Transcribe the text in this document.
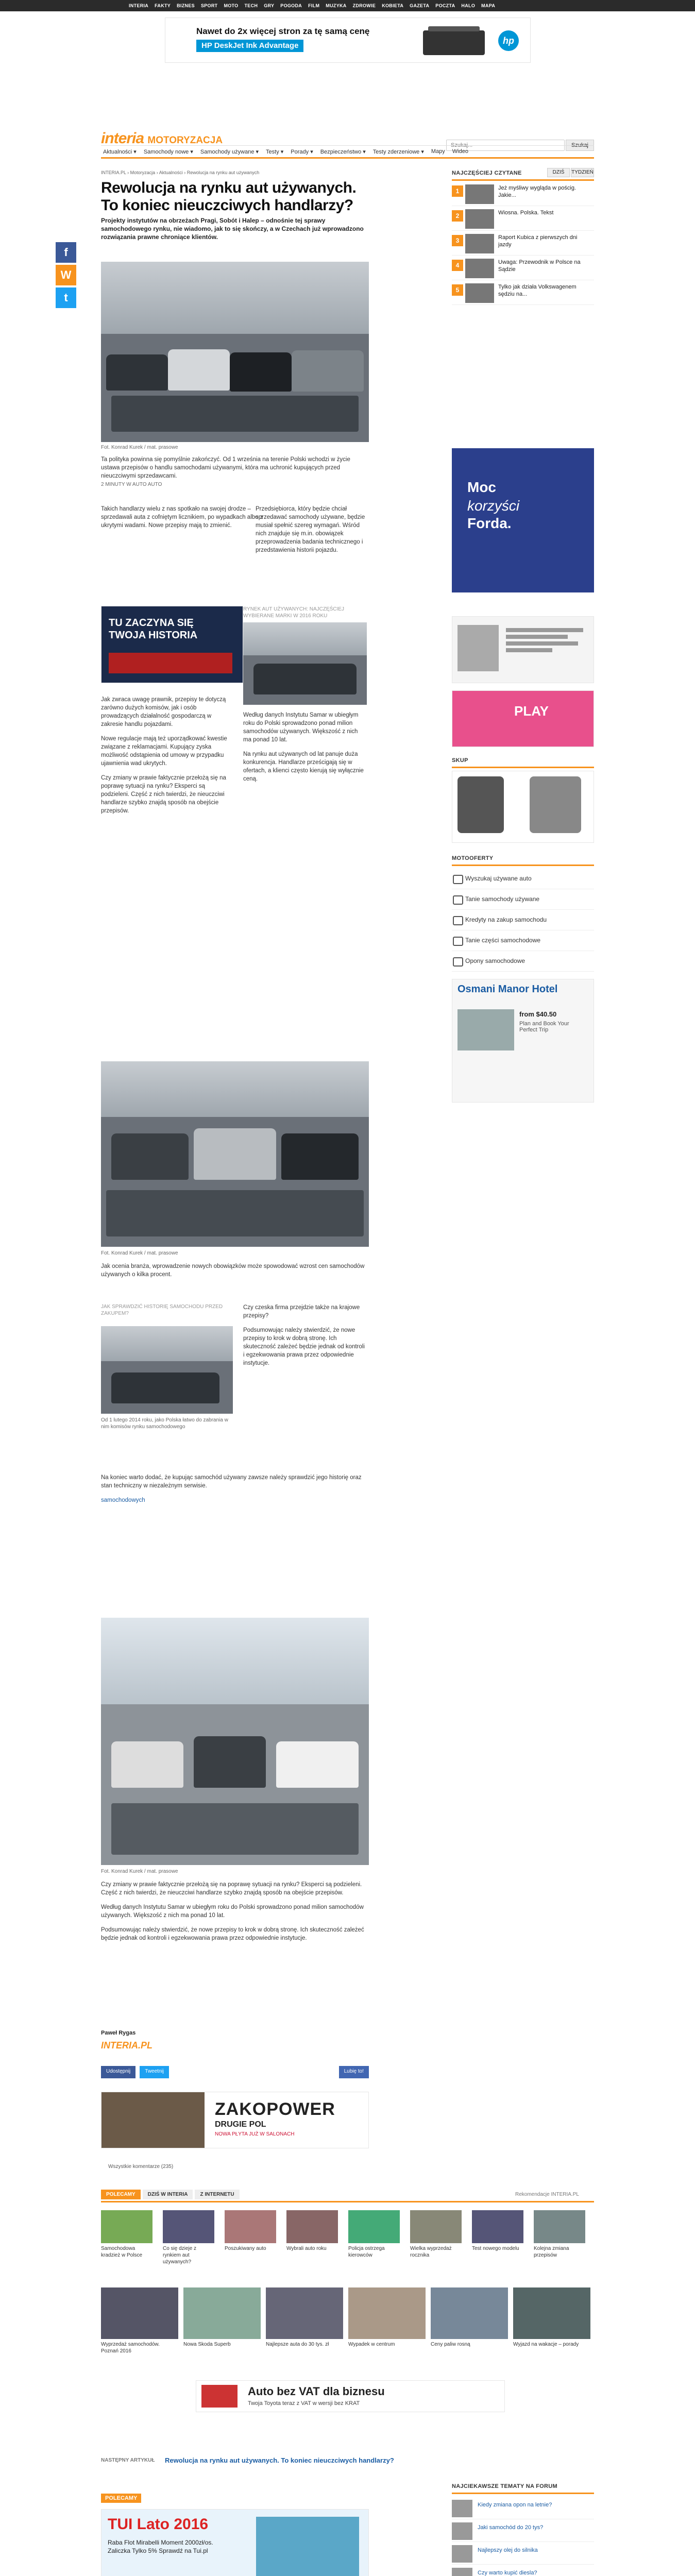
INTERIA FAKTY BIZNES SPORT MOTO TECH GRY POGODA FILM MUZYKA ZDROWIE KOBIETA GAZETA POCZTA HALO MAPA
Nawet do 2x więcej stron za tę samą cenę
HP DeskJet Ink Advantage	hp
interia MOTORYZACJA
Szukaj...	Szukaj
Aktualności ▾ Samochody nowe ▾ Samochody używane ▾ Testy ▾ Porady ▾ Bezpieczeństwo ▾ Testy zderzeniowe ▾ Mapy Wideo
INTERIA.PL › Motoryzacja › Aktualności › Rewolucja na rynku aut używanych
f
W
t
Rewolucja na rynku aut używanych. To koniec nieuczciwych handlarzy?
Projekty instytutów na obrzeżach Pragi, Sobót i Halep – odnośnie tej sprawy samochodowego rynku, nie wiadomo, jak to się skończy, a w Czechach już wprowadzono rozwiązania prawne chroniące klientów.
Fot. Konrad Kurek / mat. prasowe

Ta polityka powinna się pomyślnie zakończyć. Od 1 września na terenie Polski wchodzi w życie ustawa przepisów o handlu samochodami używanymi, która ma uchronić kupujących przed nieuczciwymi sprzedawcami.

2 MINUTY W AUTO AUTO
NAJCZĘŚCIEJ CZYTANE	DZIŚ	TYDZIEŃ
1	Jeż myśliwy wygląda w pościg. Jakie...
2	Wiosna. Polska. Tekst
3	Raport Kubica z pierwszych dni jazdy
4	Uwaga: Przewodnik w Polsce na Sądzie
5	Tylko jak działa Volkswagenem sędziu na...
Moc
korzyści
Forda.
PLAY
SKUP
MOTOOFERTY
Wyszukaj używane auto
Tanie samochody używane
Kredyty na zakup samochodu
Tanie części samochodowe
Opony samochodowe
Osmani Manor Hotel
from $40.50
Plan and Book Your Perfect Trip
TU ZACZYNA SIĘ TWOJA HISTORIA

Takich handlarzy wielu z nas spotkało na swojej drodze – sprzedawali auta z cofniętym licznikiem, po wypadkach albo z ukrytymi wadami. Nowe przepisy mają to zmienić.

Przedsiębiorca, który będzie chciał sprzedawać samochody używane, będzie musiał spełnić szereg wymagań. Wśród nich znajduje się m.in. obowiązek przeprowadzenia badania technicznego i przedstawienia historii pojazdu.

Jak zwraca uwagę prawnik, przepisy te dotyczą zarówno dużych komisów, jak i osób prowadzących działalność gospodarczą w zakresie handlu pojazdami.

Nowe regulacje mają też uporządkować kwestie związane z reklamacjami. Kupujący zyska możliwość odstąpienia od umowy w przypadku ujawnienia wad ukrytych.

Czy zmiany w prawie faktycznie przełożą się na poprawę sytuacji na rynku? Eksperci są podzieleni. Część z nich twierdzi, że nieuczciwi handlarze szybko znajdą sposób na obejście przepisów.

RYNEK AUT UŻYWANYCH: NAJCZĘŚCIEJ WYBIERANE MARKI W 2016 ROKU

Według danych Instytutu Samar w ubiegłym roku do Polski sprowadzono ponad milion samochodów używanych. Większość z nich ma ponad 10 lat.

Na rynku aut używanych od lat panuje duża konkurencja. Handlarze prześcigają się w ofertach, a klienci często kierują się wyłącznie ceną.

Fot. Konrad Kurek / mat. prasowe

Jak ocenia branża, wprowadzenie nowych obowiązków może spowodować wzrost cen samochodów używanych o kilka procent.

JAK SPRAWDZIĆ HISTORIĘ SAMOCHODU PRZED ZAKUPEM?
Od 1 lutego 2014 roku, jako Polska łatwo do zabrania w nim komisów rynku samochodowego

Czy czeska firma przejdzie także na krajowe przepisy?

Podsumowując należy stwierdzić, że nowe przepisy to krok w dobrą stronę. Ich skuteczność zależeć będzie jednak od kontroli i egzekwowania prawa przez odpowiednie instytucje.

Na koniec warto dodać, że kupując samochód używany zawsze należy sprawdzić jego historię oraz stan techniczny w niezależnym serwisie.

samochodowych

Fot. Konrad Kurek / mat. prasowe

Czy zmiany w prawie faktycznie przełożą się na poprawę sytuacji na rynku? Eksperci są podzieleni. Część z nich twierdzi, że nieuczciwi handlarze szybko znajdą sposób na obejście przepisów.

Według danych Instytutu Samar w ubiegłym roku do Polski sprowadzono ponad milion samochodów używanych. Większość z nich ma ponad 10 lat.

Podsumowując należy stwierdzić, że nowe przepisy to krok w dobrą stronę. Ich skuteczność zależeć będzie jednak od kontroli i egzekwowania prawa przez odpowiednie instytucje.

Paweł Rygas
INTERIA.PL
Udostępnij	Tweetnij	Lubię to!
ZAKOPOWER
DRUGIE POL
NOWA PŁYTA JUŻ W SALONACH
Wszystkie komentarze (235)
POLECAMY	DZIŚ W INTERIA	Z INTERNETU	Rekomendacje INTERIA.PL
Samochodowa kradzież w Polsce
Co się dzieje z rynkiem aut używanych?
Poszukiwany auto	Wybrali auto roku	Policja ostrzega kierowców
Wielka wyprzedaż rocznika
Test nowego modelu	Kolejna zmiana przepisów
Wyprzedaż samochodów. Poznań 2016
Nowa Skoda Superb	Najlepsze auta do 30 tys. zł	Wypadek w centrum	Ceny paliw rosną	Wyjazd na wakacje – porady
Auto bez VAT dla biznesu
Twoja Toyota teraz z VAT w wersji bez KRAT
NASTĘPNY ARTYKUŁ Rewolucja na rynku aut używanych. To koniec nieuczciwych handlarzy?
POLECAMY
TUI Lato 2016
Raba Flot Mirabelli Moment 2000zł/os. Zaliczka Tylko 5% Sprawdź na Tui.pl
NAJCIEKAWSZE TEMATY NA FORUM
Kiedy zmiana opon na letnie?
Jaki samochód do 20 tys?
Najlepszy olej do silnika
Czy warto kupić diesla?
